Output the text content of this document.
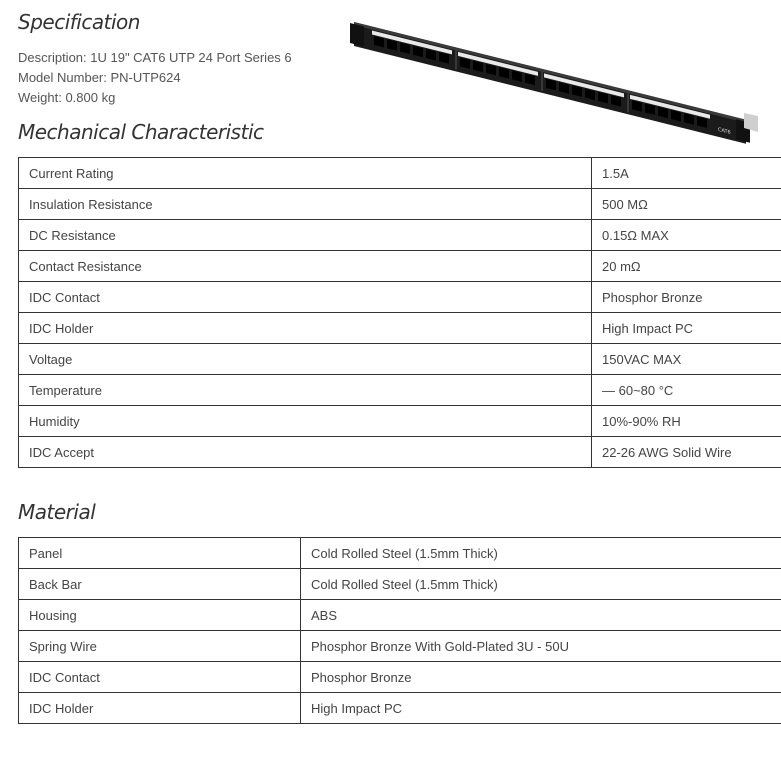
Specification

Description: 1U 19" CAT6 UTP 24 Port Series 6

Model Number: PN-UTP624

Weight: 0.800 kg

CAT6
Mechanical Characteristic
Current Rating	1.5A
Insulation Resistance	500 MΩ
DC Resistance	0.15Ω MAX
Contact Resistance	20 mΩ
IDC Contact	Phosphor Bronze
IDC Holder	High Impact PC
Voltage	150VAC MAX
Temperature	— 60~80 °C
Humidity	10%-90% RH
IDC Accept	22-26 AWG Solid Wire
Material
Panel	Cold Rolled Steel (1.5mm Thick)
Back Bar	Cold Rolled Steel (1.5mm Thick)
Housing	ABS
Spring Wire	Phosphor Bronze With Gold-Plated 3U - 50U
IDC Contact	Phosphor Bronze
IDC Holder	High Impact PC
